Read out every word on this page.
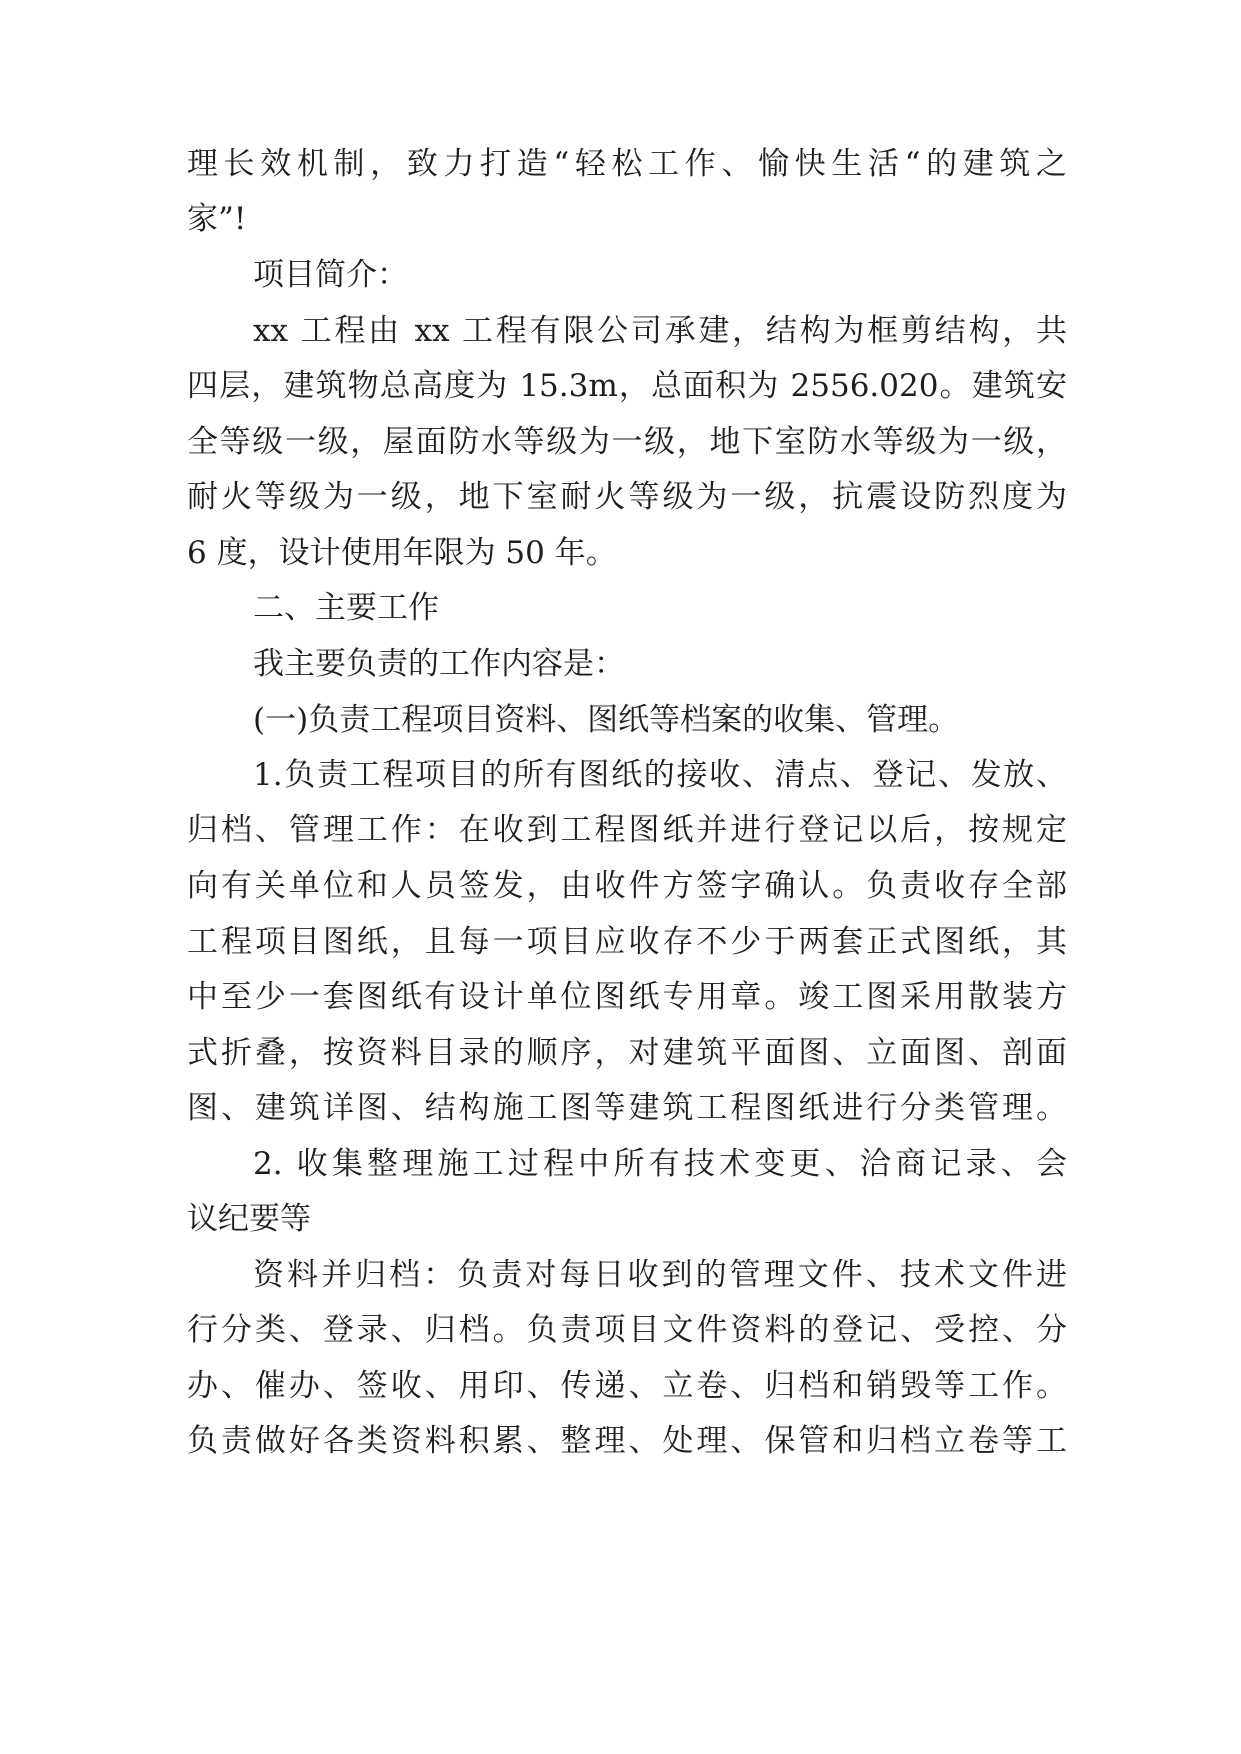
理长效机制，致力打造“轻松工作、愉快生活“的建筑之
家”!
项目简介：
xx 工程由 xx 工程有限公司承建，结构为框剪结构，共
四层，建筑物总高度为 15.3m，总面积为 2556.020。建筑安
全等级一级，屋面防水等级为一级，地下室防水等级为一级，
耐火等级为一级，地下室耐火等级为一级，抗震设防烈度为
6 度，设计使用年限为 50 年。
二、主要工作
我主要负责的工作内容是：
(一)负责工程项目资料、图纸等档案的收集、管理。
1.负责工程项目的所有图纸的接收、清点、登记、发放、
归档、管理工作：在收到工程图纸并进行登记以后，按规定
向有关单位和人员签发，由收件方签字确认。负责收存全部
工程项目图纸，且每一项目应收存不少于两套正式图纸，其
中至少一套图纸有设计单位图纸专用章。竣工图采用散装方
式折叠，按资料目录的顺序，对建筑平面图、立面图、剖面
图、建筑详图、结构施工图等建筑工程图纸进行分类管理。
2. 收集整理施工过程中所有技术变更、洽商记录、会
议纪要等
资料并归档：负责对每日收到的管理文件、技术文件进
行分类、登录、归档。负责项目文件资料的登记、受控、分
办、催办、签收、用印、传递、立卷、归档和销毁等工作。
负责做好各类资料积累、整理、处理、保管和归档立卷等工
